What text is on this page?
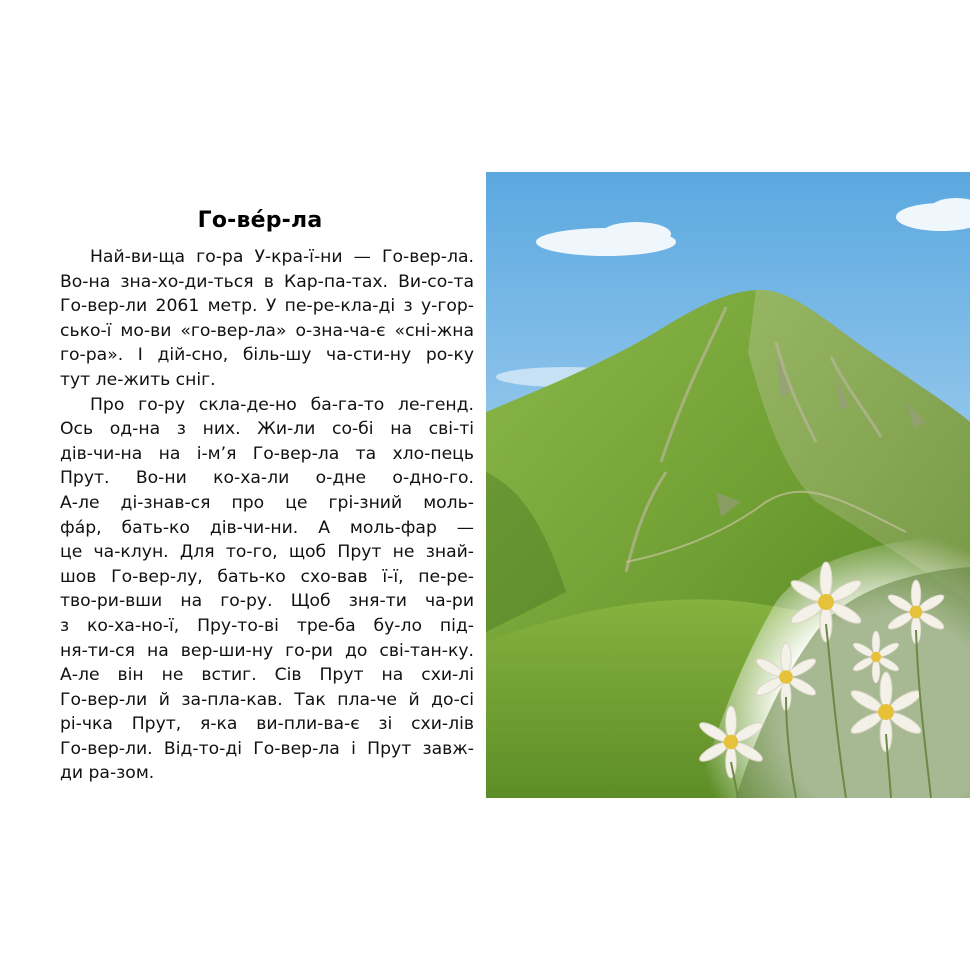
Го-ве́р-ла
Най-ви-ща го-ра У-кра-ї-ни — Го-вер-ла.
Во-на зна-хо-ди-ться в Кар-па-тах. Ви-со-та
Го-вер-ли 2061 метр. У пе-ре-кла-ді з у-гор-
сько-ї мо-ви «го-вер-ла» о-зна-ча-є «сні-жна
го-ра». І дій-сно, біль-шу ча-сти-ну ро-ку
тут ле-жить сніг.
Про го-ру скла-де-но ба-га-то ле-генд.
Ось од-на з них. Жи-ли со-бі на сві-ті
дів-чи-на на і-м’я Го-вер-ла та хло-пець
Прут. Во-ни ко-ха-ли о-дне о-дно-го.
А-ле ді-знав-ся про це грі-зний моль-
фа́р, бать-ко дів-чи-ни. А моль-фар —
це ча-клун. Для то-го, щоб Прут не знай-
шов Го-вер-лу, бать-ко схо-вав ї-ї, пе-ре-
тво-ри-вши на го-ру. Щоб зня-ти ча-ри
з ко-ха-но-ї, Пру-то-ві тре-ба бу-ло під-
ня-ти-ся на вер-ши-ну го-ри до сві-тан-ку.
А-ле він не встиг. Сів Прут на схи-лі
Го-вер-ли й за-пла-кав. Так пла-че й до-сі
рі-чка Прут, я-ка ви-пли-ва-є зі схи-лів
Го-вер-ли. Від-то-ді Го-вер-ла і Прут завж-
ди ра-зом.
